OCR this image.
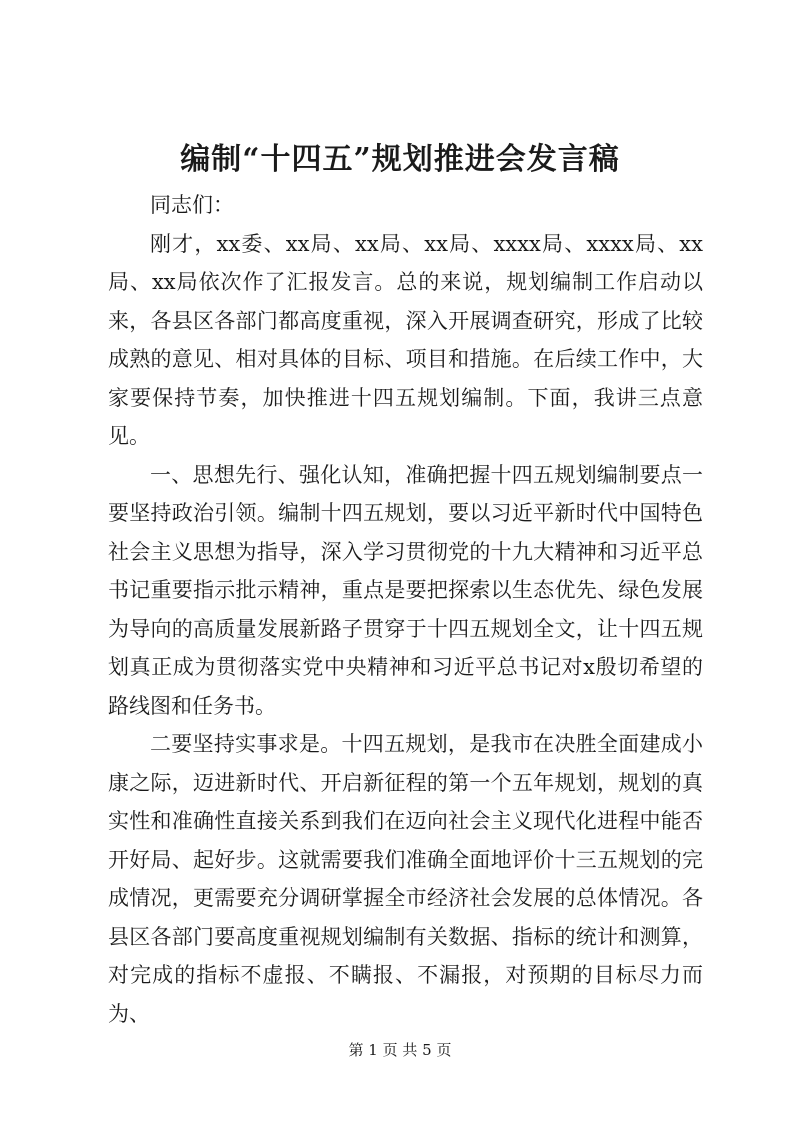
编制“十四五”规划推进会发言稿

同志们：

刚才，xx委、xx局、xx局、xx局、xxxx局、xxxx局、xx局、xx局依次作了汇报发言。总的来说，规划编制工作启动以来，各县区各部门都高度重视，深入开展调查研究，形成了比较成熟的意见、相对具体的目标、项目和措施。在后续工作中，大家要保持节奏，加快推进十四五规划编制。下面，我讲三点意见。

一、思想先行、强化认知，准确把握十四五规划编制要点一要坚持政治引领。编制十四五规划，要以习近平新时代中国特色社会主义思想为指导，深入学习贯彻党的十九大精神和习近平总书记重要指示批示精神，重点是要把探索以生态优先、绿色发展为导向的高质量发展新路子贯穿于十四五规划全文，让十四五规划真正成为贯彻落实党中央精神和习近平总书记对x殷切希望的路线图和任务书。

二要坚持实事求是。十四五规划，是我市在决胜全面建成小康之际，迈进新时代、开启新征程的第一个五年规划，规划的真实性和准确性直接关系到我们在迈向社会主义现代化进程中能否开好局、起好步。这就需要我们准确全面地评价十三五规划的完成情况，更需要充分调研掌握全市经济社会发展的总体情况。各县区各部门要高度重视规划编制有关数据、指标的统计和测算，对完成的指标不虚报、不瞒报、不漏报，对预期的目标尽力而为、

第 1 页 共 5 页
